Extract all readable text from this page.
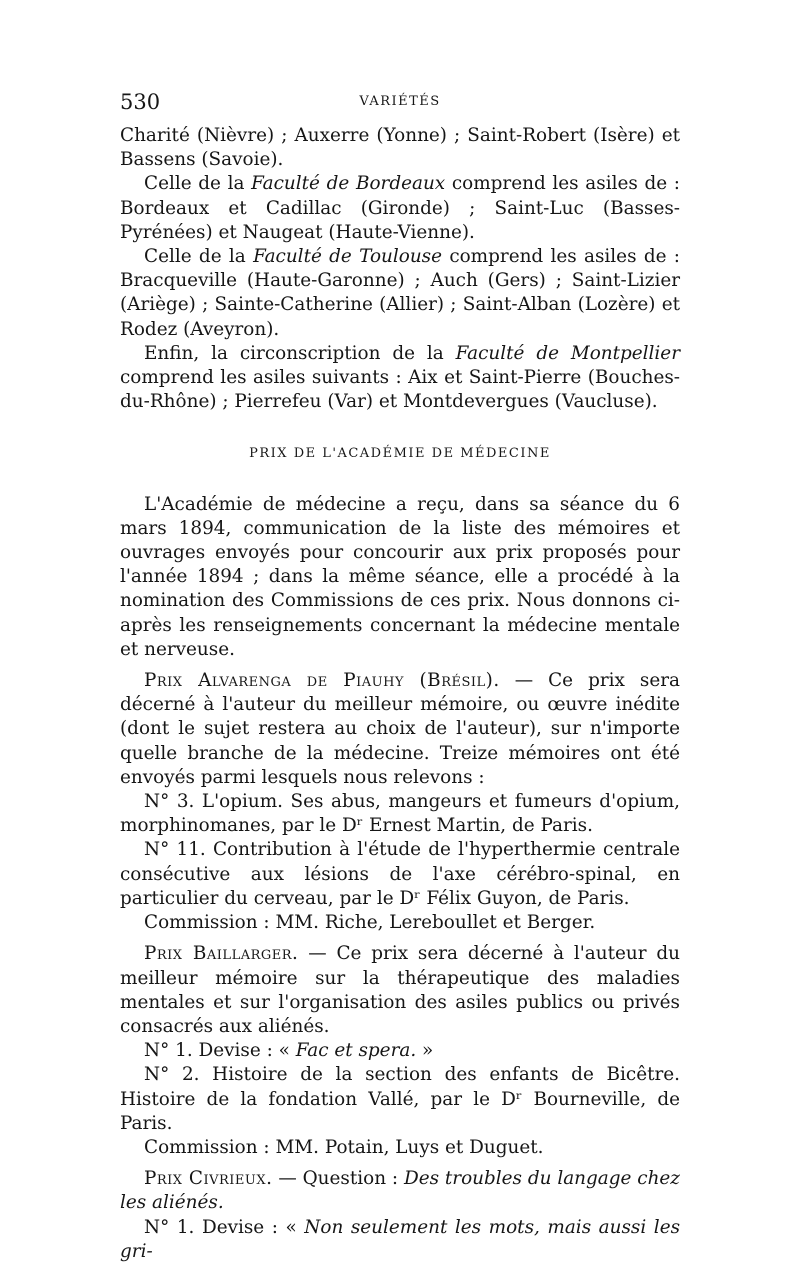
530	VARIÉTÉS

Charité (Nièvre) ; Auxerre (Yonne) ; Saint-Robert (Isère) et Bassens (Savoie).

Celle de la Faculté de Bordeaux comprend les asiles de : Bordeaux et Cadillac (Gironde) ; Saint-Luc (Basses-Pyrénées) et Naugeat (Haute-Vienne).

Celle de la Faculté de Toulouse comprend les asiles de : Bracqueville (Haute-Garonne) ; Auch (Gers) ; Saint-Lizier (Ariège) ; Sainte-Catherine (Allier) ; Saint-Alban (Lozère) et Rodez (Aveyron).

Enfin, la circonscription de la Faculté de Montpellier comprend les asiles suivants : Aix et Saint-Pierre (Bouches-du-Rhône) ; Pierrefeu (Var) et Montdevergues (Vaucluse).

PRIX DE L'ACADÉMIE DE MÉDECINE

L'Académie de médecine a reçu, dans sa séance du 6 mars 1894, communication de la liste des mémoires et ouvrages envoyés pour concourir aux prix proposés pour l'année 1894 ; dans la même séance, elle a procédé à la nomination des Commissions de ces prix. Nous donnons ci-après les renseignements concernant la médecine mentale et nerveuse.

Prix Alvarenga de Piauhy (Brésil). — Ce prix sera décerné à l'auteur du meilleur mémoire, ou œuvre inédite (dont le sujet restera au choix de l'auteur), sur n'importe quelle branche de la médecine. Treize mémoires ont été envoyés parmi lesquels nous relevons :

N° 3. L'opium. Ses abus, mangeurs et fumeurs d'opium, morphinomanes, par le Dʳ Ernest Martin, de Paris.

N° 11. Contribution à l'étude de l'hyperthermie centrale consécutive aux lésions de l'axe cérébro-spinal, en particulier du cerveau, par le Dʳ Félix Guyon, de Paris.

Commission : MM. Riche, Lereboullet et Berger.

Prix Baillarger. — Ce prix sera décerné à l'auteur du meilleur mémoire sur la thérapeutique des maladies mentales et sur l'organisation des asiles publics ou privés consacrés aux aliénés.

N° 1. Devise : « Fac et spera. »

N° 2. Histoire de la section des enfants de Bicêtre. Histoire de la fondation Vallé, par le Dʳ Bourneville, de Paris.

Commission : MM. Potain, Luys et Duguet.

Prix Civrieux. — Question : Des troubles du langage chez les aliénés.

N° 1. Devise : « Non seulement les mots, mais aussi les gri-
